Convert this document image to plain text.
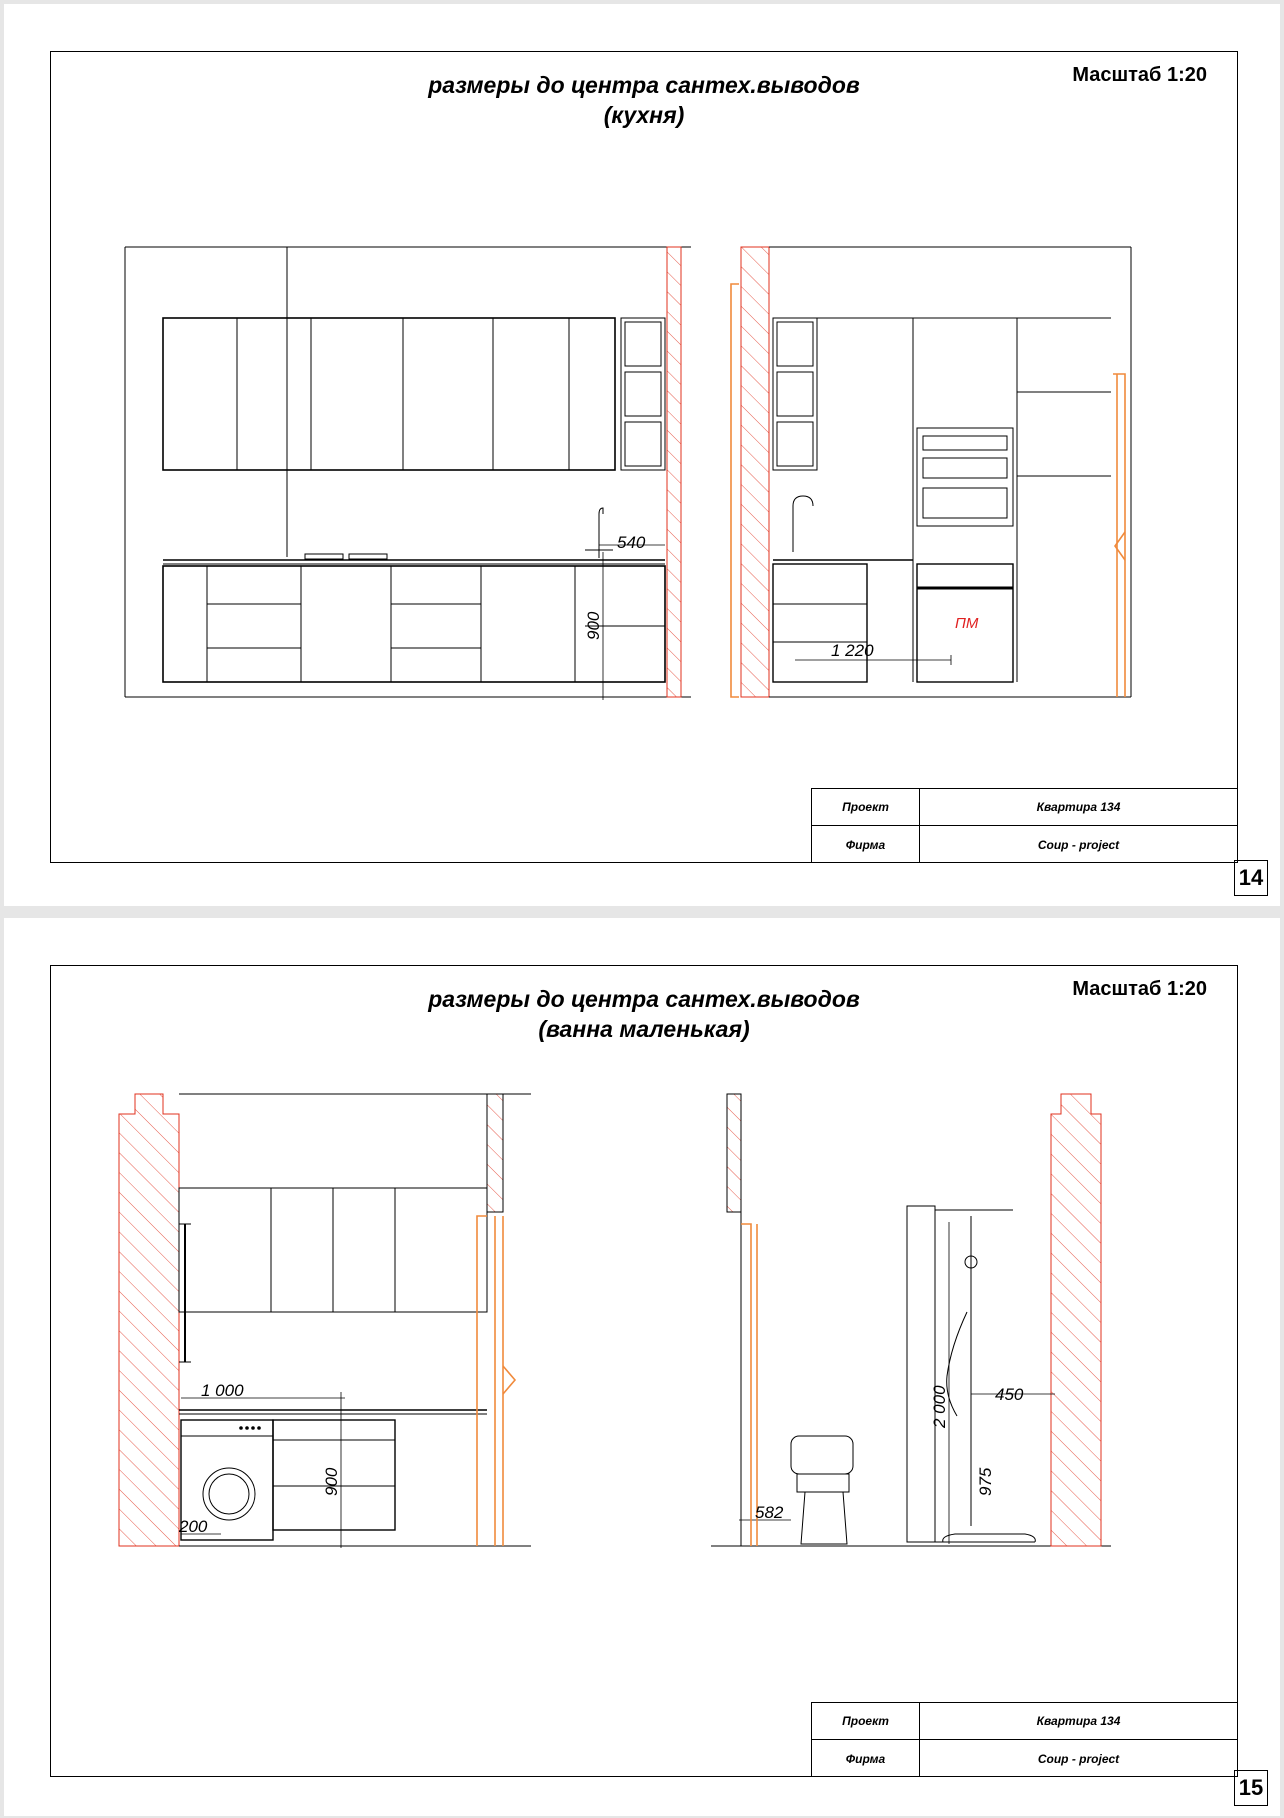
размеры до центра сантех.выводов
(кухня)
Масштаб 1:20
540
900
1 220
ПМ
Проект	Квартира 134
Фирма	Coup - project
14
размеры до центра сантех.выводов
(ванна маленькая)
Масштаб 1:20
1 000
900
200
582
2 000	450
975
Проект	Квартира 134
Фирма	Coup - project
15
